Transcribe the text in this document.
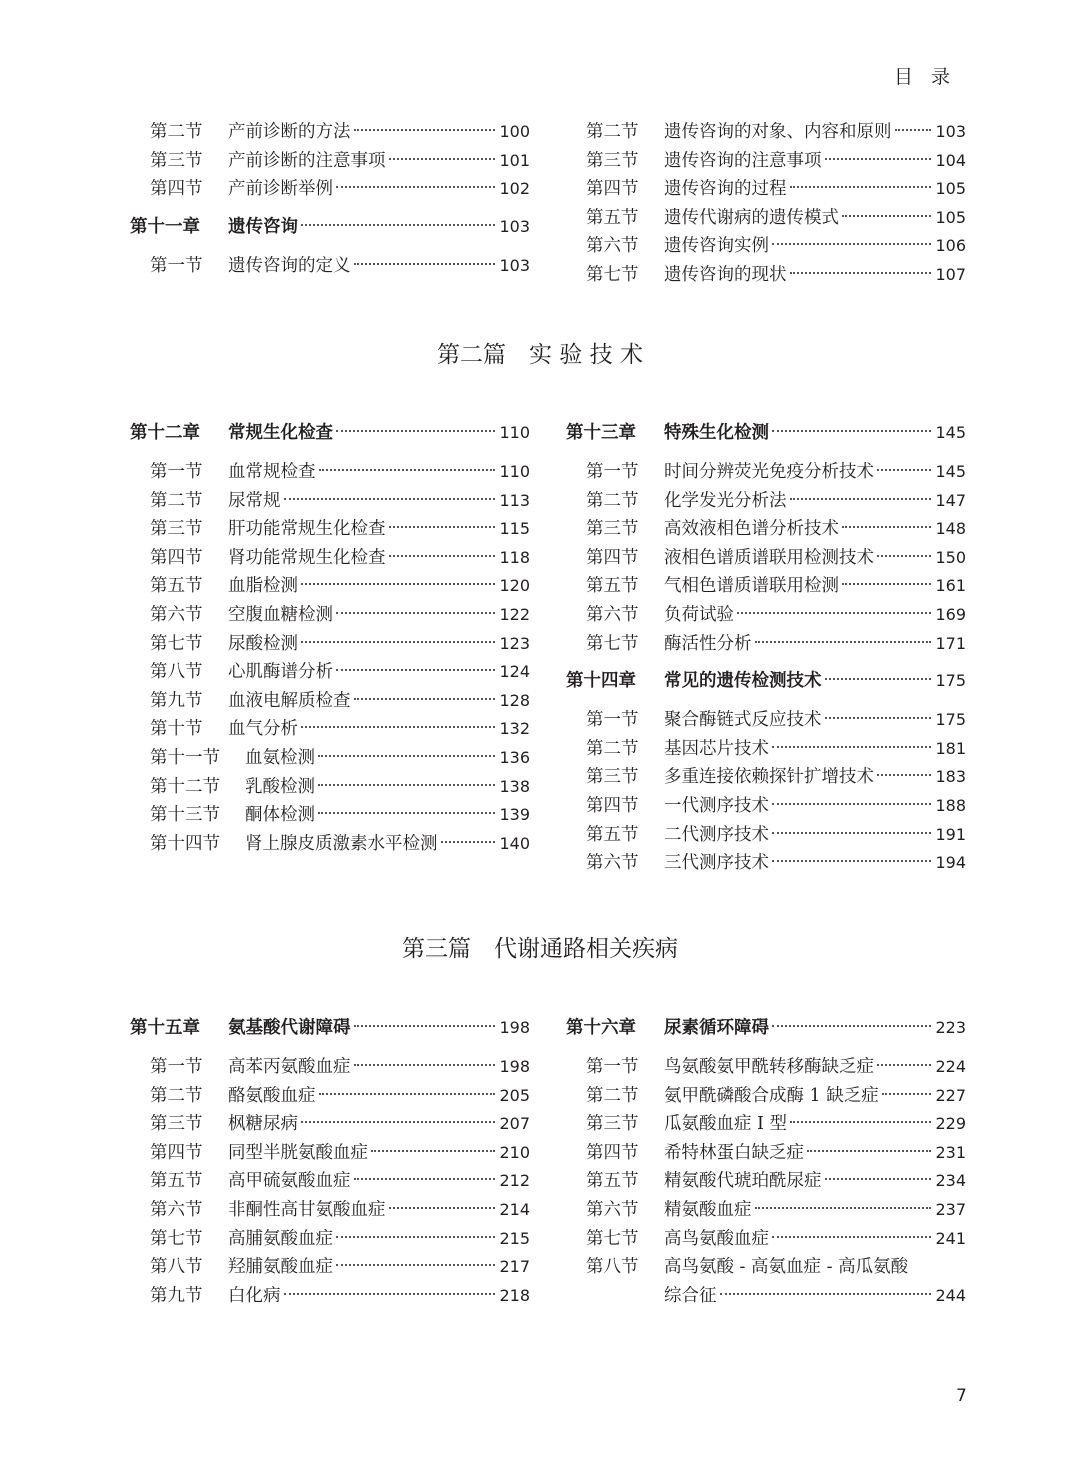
目录
第二节	产前诊断的方法	100
第三节	产前诊断的注意事项	101
第四节	产前诊断举例	102
第十一章	遗传咨询	103
第一节	遗传咨询的定义	103
第二节	遗传咨询的对象、内容和原则	103
第三节	遗传咨询的注意事项	104
第四节	遗传咨询的过程	105
第五节	遗传代谢病的遗传模式	105
第六节	遗传咨询实例	106
第七节	遗传咨询的现状	107
第二篇　实 验 技 术
第十二章	常规生化检查	110
第一节	血常规检查	110
第二节	尿常规	113
第三节	肝功能常规生化检查	115
第四节	肾功能常规生化检查	118
第五节	血脂检测	120
第六节	空腹血糖检测	122
第七节	尿酸检测	123
第八节	心肌酶谱分析	124
第九节	血液电解质检查	128
第十节	血气分析	132
第十一节	血氨检测	136
第十二节	乳酸检测	138
第十三节	酮体检测	139
第十四节	肾上腺皮质激素水平检测	140
第十三章	特殊生化检测	145
第一节	时间分辨荧光免疫分析技术	145
第二节	化学发光分析法	147
第三节	高效液相色谱分析技术	148
第四节	液相色谱质谱联用检测技术	150
第五节	气相色谱质谱联用检测	161
第六节	负荷试验	169
第七节	酶活性分析	171
第十四章	常见的遗传检测技术	175
第一节	聚合酶链式反应技术	175
第二节	基因芯片技术	181
第三节	多重连接依赖探针扩增技术	183
第四节	一代测序技术	188
第五节	二代测序技术	191
第六节	三代测序技术	194
第三篇　代谢通路相关疾病
第十五章	氨基酸代谢障碍	198
第一节	高苯丙氨酸血症	198
第二节	酪氨酸血症	205
第三节	枫糖尿病	207
第四节	同型半胱氨酸血症	210
第五节	高甲硫氨酸血症	212
第六节	非酮性高甘氨酸血症	214
第七节	高脯氨酸血症	215
第八节	羟脯氨酸血症	217
第九节	白化病	218
第十六章	尿素循环障碍	223
第一节	鸟氨酸氨甲酰转移酶缺乏症	224
第二节	氨甲酰磷酸合成酶 1 缺乏症	227
第三节	瓜氨酸血症 I 型	229
第四节	希特林蛋白缺乏症	231
第五节	精氨酸代琥珀酰尿症	234
第六节	精氨酸血症	237
第七节	高鸟氨酸血症	241
第八节	高鸟氨酸 - 高氨血症 - 高瓜氨酸
综合征	244
7
